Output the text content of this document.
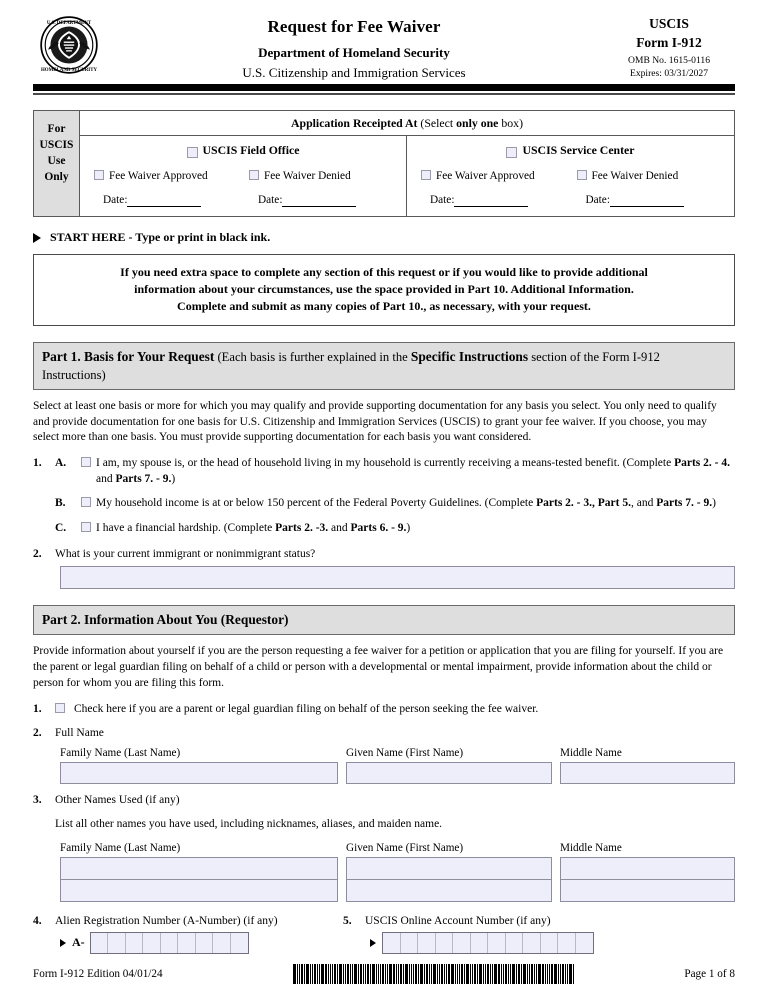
U.S. DEPARTMENT
HOMELAND SECURITY
Request for Fee Waiver
Department of Homeland Security
U.S. Citizenship and Immigration Services
USCIS
Form I-912
OMB No. 1615-0116
Expires: 03/31/2027
For
USCIS
Use
Only
Application Receipted At (Select only one box)
USCIS Field Office
Fee Waiver Approved	Fee Waiver Denied
Date:	Date:
USCIS Service Center
Fee Waiver Approved	Fee Waiver Denied
Date:	Date:
START HERE - Type or print in black ink.
If you need extra space to complete any section of this request or if you would like to provide additional
information about your circumstances, use the space provided in Part 10. Additional Information.
Complete and submit as many copies of Part 10., as necessary, with your request.
Part 1. Basis for Your Request (Each basis is further explained in the Specific Instructions section of the Form I-912 Instructions)
Select at least one basis or more for which you may qualify and provide supporting documentation for any basis you select. You only need to qualify and provide documentation for one basis for U.S. Citizenship and Immigration Services (USCIS) to grant your fee waiver. If you choose, you may select more than one basis. You must provide supporting documentation for each basis you want considered.
1.	A.	I am, my spouse is, or the head of household living in my household is currently receiving a means-tested benefit. (Complete Parts 2. - 4. and Parts 7. - 9.)
B.	My household income is at or below 150 percent of the Federal Poverty Guidelines. (Complete Parts 2. - 3., Part 5., and Parts 7. - 9.)
C.	I have a financial hardship. (Complete Parts 2. -3. and Parts 6. - 9.)
2.	What is your current immigrant or nonimmigrant status?
Part 2. Information About You (Requestor)
Provide information about yourself if you are the person requesting a fee waiver for a petition or application that you are filing for yourself. If you are the parent or legal guardian filing on behalf of a child or person with a developmental or mental impairment, provide information about the child or person for whom you are filing this form.
1.	Check here if you are a parent or legal guardian filing on behalf of the person seeking the fee waiver.
2.	Full Name
Family Name (Last Name)	Given Name (First Name)	Middle Name
3.	Other Names Used (if any)
List all other names you have used, including nicknames, aliases, and maiden name.
Family Name (Last Name)	Given Name (First Name)	Middle Name
4.	Alien Registration Number (A-Number) (if any)	5.	USCIS Online Account Number (if any)
A-
Form I-912 Edition 04/01/24	Page 1 of 8
